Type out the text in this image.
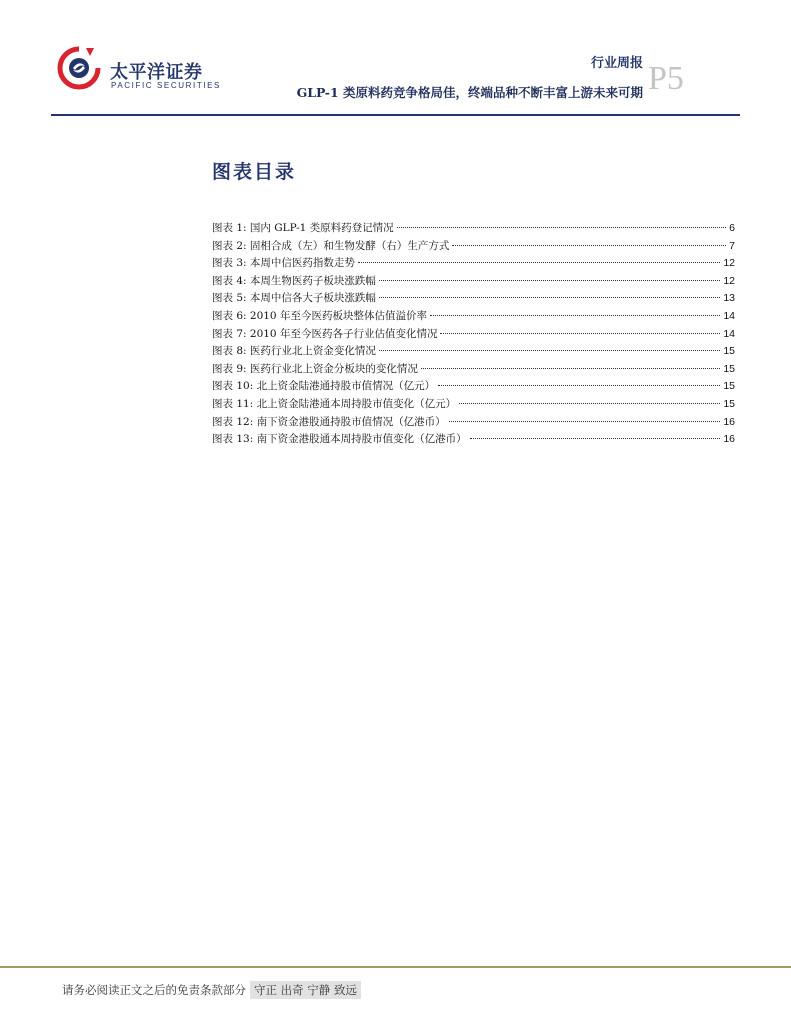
太平洋证券
PACIFIC SECURITIES
行业周报
GLP-1 类原料药竞争格局佳，终端品种不断丰富上游未来可期 P5
图表目录
图表 1: 国内 GLP-1 类原料药登记情况	6
图表 2: 固相合成（左）和生物发酵（右）生产方式	7
图表 3: 本周中信医药指数走势	12
图表 4: 本周生物医药子板块涨跌幅	12
图表 5: 本周中信各大子板块涨跌幅	13
图表 6: 2010 年至今医药板块整体估值溢价率	14
图表 7: 2010 年至今医药各子行业估值变化情况	14
图表 8: 医药行业北上资金变化情况	15
图表 9: 医药行业北上资金分板块的变化情况	15
图表 10: 北上资金陆港通持股市值情况（亿元）	15
图表 11: 北上资金陆港通本周持股市值变化（亿元）	15
图表 12: 南下资金港股通持股市值情况（亿港币）	16
图表 13: 南下资金港股通本周持股市值变化（亿港币）	16
请务必阅读正文之后的免责条款部分 守正 出奇 宁静 致远
